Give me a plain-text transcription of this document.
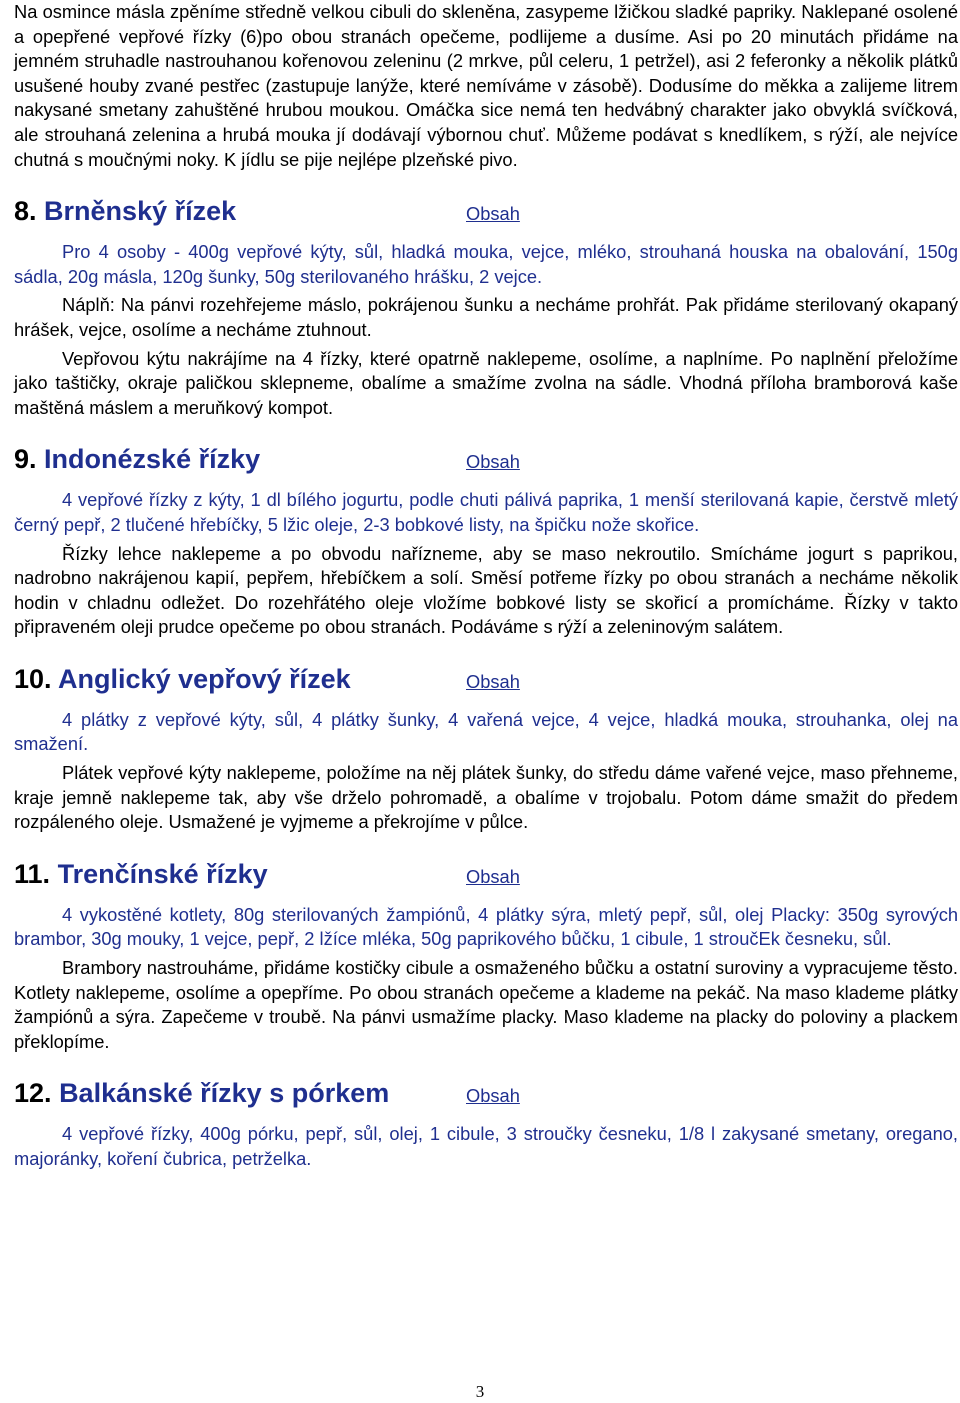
Na osmince másla zpěníme středně velkou cibuli do skleněna, zasypeme lžičkou sladké papriky. Naklepané osolené a opepřené vepřové řízky (6)po obou stranách opečeme, podlijeme a dusíme. Asi po 20 minutách přidáme na jemném struhadle nastrouhanou kořenovou zeleninu (2 mrkve, půl celeru, 1 petržel), asi 2 feferonky a několik plátků usušené houby zvané pestřec (zastupuje lanýže, které nemíváme v zásobě). Dodusíme do měkka a zalijeme litrem nakysané smetany zahuštěné hrubou moukou. Omáčka sice nemá ten hedvábný charakter jako obvyklá svíčková, ale strouhaná zelenina a hrubá mouka jí dodávají výbornou chuť. Můžeme podávat s knedlíkem, s rýží, ale nejvíce chutná s moučnými noky. K jídlu se pije nejlépe plzeňské pivo.

8. Brněnský řízek	Obsah

Pro 4 osoby - 400g vepřové kýty, sůl, hladká mouka, vejce, mléko, strouhaná houska na obalování, 150g sádla, 20g másla, 120g šunky, 50g sterilovaného hrášku, 2 vejce.

Náplň: Na pánvi rozehřejeme máslo, pokrájenou šunku a necháme prohřát. Pak přidáme sterilovaný okapaný hrášek, vejce, osolíme a necháme ztuhnout.

Vepřovou kýtu nakrájíme na 4 řízky, které opatrně naklepeme, osolíme, a naplníme. Po naplnění přeložíme jako taštičky, okraje paličkou sklepneme, obalíme a smažíme zvolna na sádle. Vhodná příloha bramborová kaše maštěná máslem a meruňkový kompot.

9. Indonézské řízky	Obsah

4 vepřové řízky z kýty, 1 dl bílého jogurtu, podle chuti pálivá paprika, 1 menší sterilovaná kapie, čerstvě mletý černý pepř, 2 tlučené hřebíčky, 5 lžic oleje, 2-3 bobkové listy, na špičku nože skořice.

Řízky lehce naklepeme a po obvodu nařízneme, aby se maso nekroutilo. Smícháme jogurt s paprikou, nadrobno nakrájenou kapií, pepřem, hřebíčkem a solí. Směsí potřeme řízky po obou stranách a necháme několik hodin v chladnu odležet. Do rozehřátého oleje vložíme bobkové listy se skořicí a promícháme. Řízky v takto připraveném oleji prudce opečeme po obou stranách. Podáváme s rýží a zeleninovým salátem.

10. Anglický vepřový řízek	Obsah

4 plátky z vepřové kýty, sůl, 4 plátky šunky, 4 vařená vejce, 4 vejce, hladká mouka, strouhanka, olej na smažení.

Plátek vepřové kýty naklepeme, položíme na něj plátek šunky, do středu dáme vařené vejce, maso přehneme, kraje jemně naklepeme tak, aby vše drželo pohromadě, a obalíme v trojobalu. Potom dáme smažit do předem rozpáleného oleje. Usmažené je vyjmeme a překrojíme v půlce.

11. Trenčínské řízky	Obsah

4 vykostěné kotlety, 80g sterilovaných žampiónů, 4 plátky sýra, mletý pepř, sůl, olej Placky: 350g syrových brambor, 30g mouky, 1 vejce, pepř, 2 lžíce mléka, 50g paprikového bůčku, 1 cibule, 1 stroučEk česneku, sůl.

Brambory nastrouháme, přidáme kostičky cibule a osmaženého bůčku a ostatní suroviny a vypracujeme těsto. Kotlety naklepeme, osolíme a opepříme. Po obou stranách opečeme a klademe na pekáč. Na maso klademe plátky žampiónů a sýra. Zapečeme v troubě. Na pánvi usmažíme placky. Maso klademe na placky do poloviny a plackem překlopíme.

12. Balkánské řízky s pórkem	Obsah

4 vepřové řízky, 400g pórku, pepř, sůl, olej, 1 cibule, 3 stroučky česneku, 1/8 l zakysané smetany, oregano, majoránky, koření čubrica, petrželka.

3
